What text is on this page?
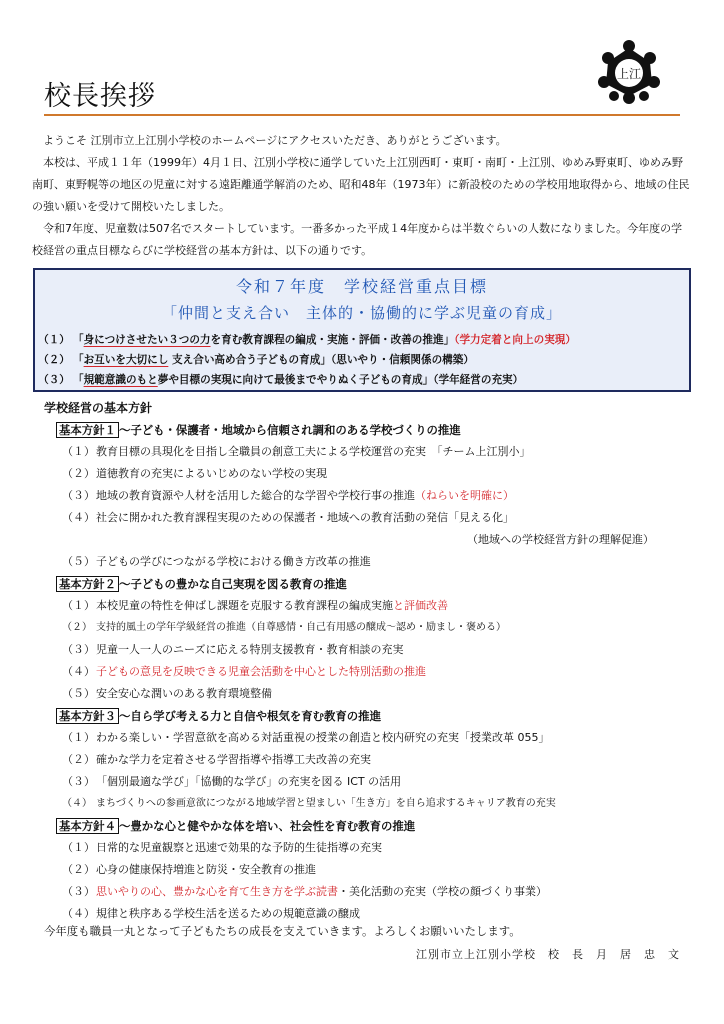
校長挨拶
上江

ようこそ 江別市立上江別小学校のホームページにアクセスいただき、ありがとうございます。

本校は、平成１１年（1999年）4月１日、江別小学校に通学していた上江別西町・東町・南町・上江別、ゆめみ野東町、ゆめみ野南町、東野幌等の地区の児童に対する遠距離通学解消のため、昭和48年（1973年）に新設校のための学校用地取得から、地域の住民の強い願いを受けて開校いたしました。

令和7年度、児童数は507名でスタートしています。一番多かった平成１4年度からは半数ぐらいの人数になりました。今年度の学校経営の重点目標ならびに学校経営の基本方針は、以下の通りです。

令和７年度　学校経営重点目標
「仲間と支え合い　主体的・協働的に学ぶ児童の育成」
（１） 「身につけさせたい３つの力を育む教育課程の編成・実施・評価・改善の推進」（学力定着と向上の実現）
（２） 「お互いを大切にし 支え合い高め合う子どもの育成」（思いやり・信頼関係の構築）
（３） 「規範意識のもと夢や目標の実現に向けて最後までやりぬく子どもの育成」（学年経営の充実）
学校経営の基本方針
基本方針１ ～子ども・保護者・地域から信頼され調和のある学校づくりの推進
（１）教育目標の具現化を目指し全職員の創意工夫による学校運営の充実　「チーム上江別小」
（２）道徳教育の充実によるいじめのない学校の実現
（３）地域の教育資源や人材を活用した総合的な学習や学校行事の推進（ねらいを明確に）
（４）社会に開かれた教育課程実現のための保護者・地域への教育活動の発信「見える化」
（地域への学校経営方針の理解促進）
（５）子どもの学びにつながる学校における働き方改革の推進
基本方針２ ～子どもの豊かな自己実現を図る教育の推進
（１）本校児童の特性を伸ばし課題を克服する教育課程の編成実施と評価改善
（２） 支持的風土の学年学級経営の推進（自尊感情・自己有用感の醸成～認め・励まし・褒める）
（３）児童一人一人のニーズに応える特別支援教育・教育相談の充実
（４）子どもの意見を反映できる児童会活動を中心とした特別活動の推進
（５）安全安心な潤いのある教育環境整備
基本方針３ ～自ら学び考える力と自信や根気を育む教育の推進
（１）わかる楽しい・学習意欲を高める対話重視の授業の創造と校内研究の充実「授業改革 055」
（２）確かな学力を定着させる学習指導や指導工夫改善の充実
（３）「個別最適な学び」「協働的な学び」の充実を図る ICT の活用
（４） まちづくりへの参画意欲につながる地域学習と望ましい「生き方」を自ら追求するキャリア教育の充実
基本方針４ ～豊かな心と健やかな体を培い、社会性を育む教育の推進
（１）日常的な児童観察と迅速で効果的な予防的生徒指導の充実
（２）心身の健康保持増進と防災・安全教育の推進
（３）思いやりの心、豊かな心を育て生き方を学ぶ読書・美化活動の充実（学校の顔づくり事業）
（４）規律と秩序ある学校生活を送るための規範意識の醸成
今年度も職員一丸となって子どもたちの成長を支えていきます。よろしくお願いいたします。
江別市立上江別小学校　校　長　月　居　忠　文
